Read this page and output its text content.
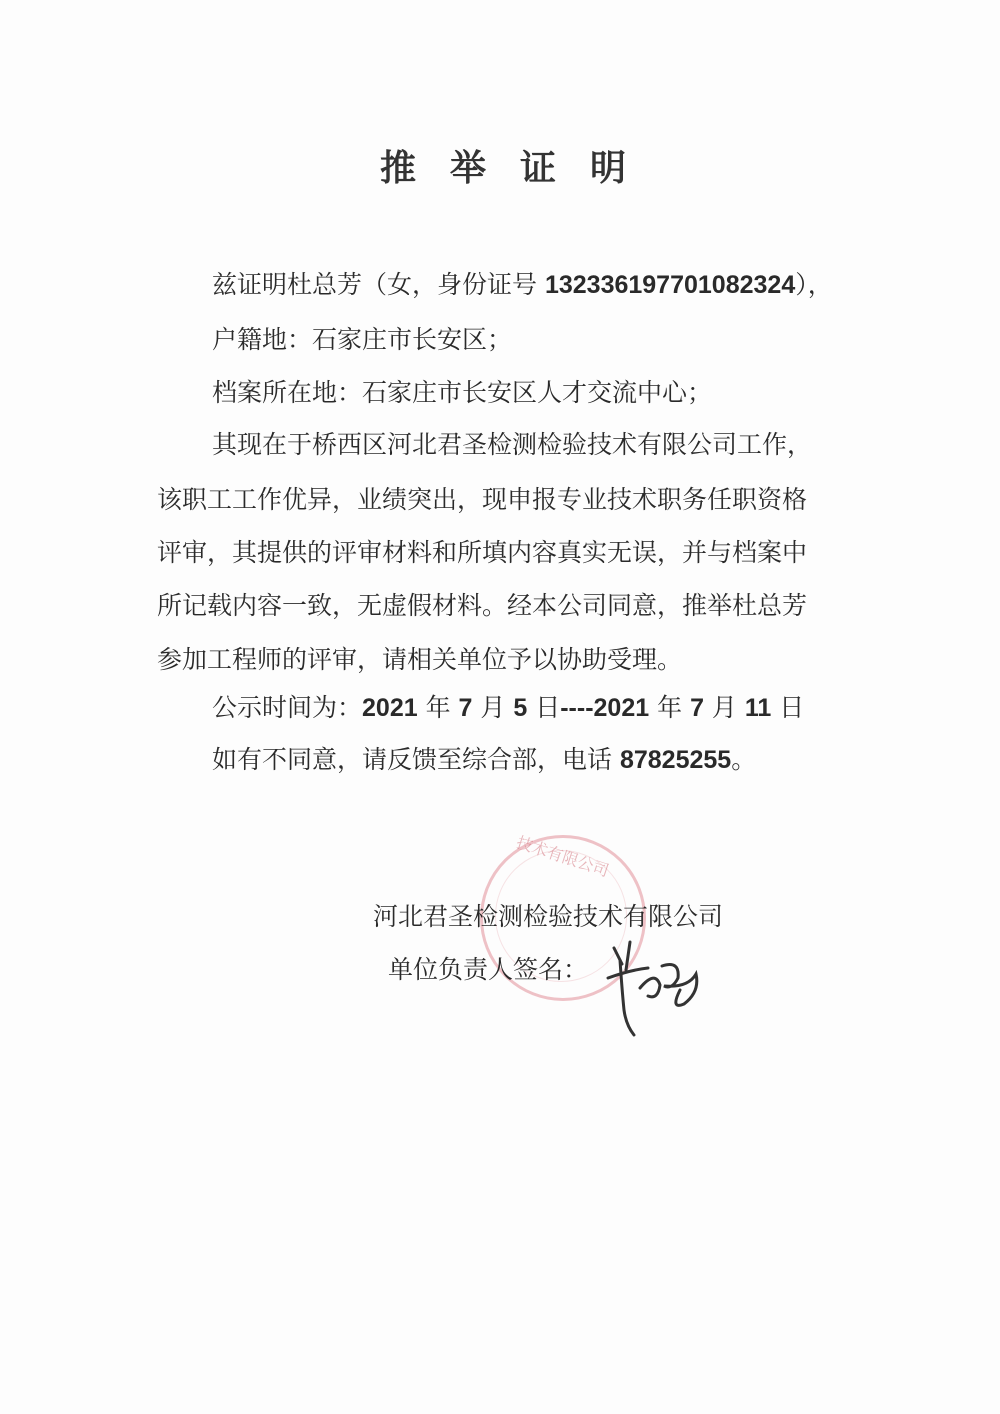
推举证明
兹证明杜总芳（女，身份证号 132336197701082324），
户籍地：石家庄市长安区；
档案所在地：石家庄市长安区人才交流中心；
其现在于桥西区河北君圣检测检验技术有限公司工作，
该职工工作优异，业绩突出，现申报专业技术职务任职资格
评审，其提供的评审材料和所填内容真实无误，并与档案中
所记载内容一致，无虚假材料。经本公司同意，推举杜总芳
参加工程师的评审，请相关单位予以协助受理。
公示时间为：2021 年 7 月 5 日----2021 年 7 月 11 日
如有不同意，请反馈至综合部，电话 87825255。
技术有限公司
河北君圣检测检验技术有限公司
单位负责人签名：
